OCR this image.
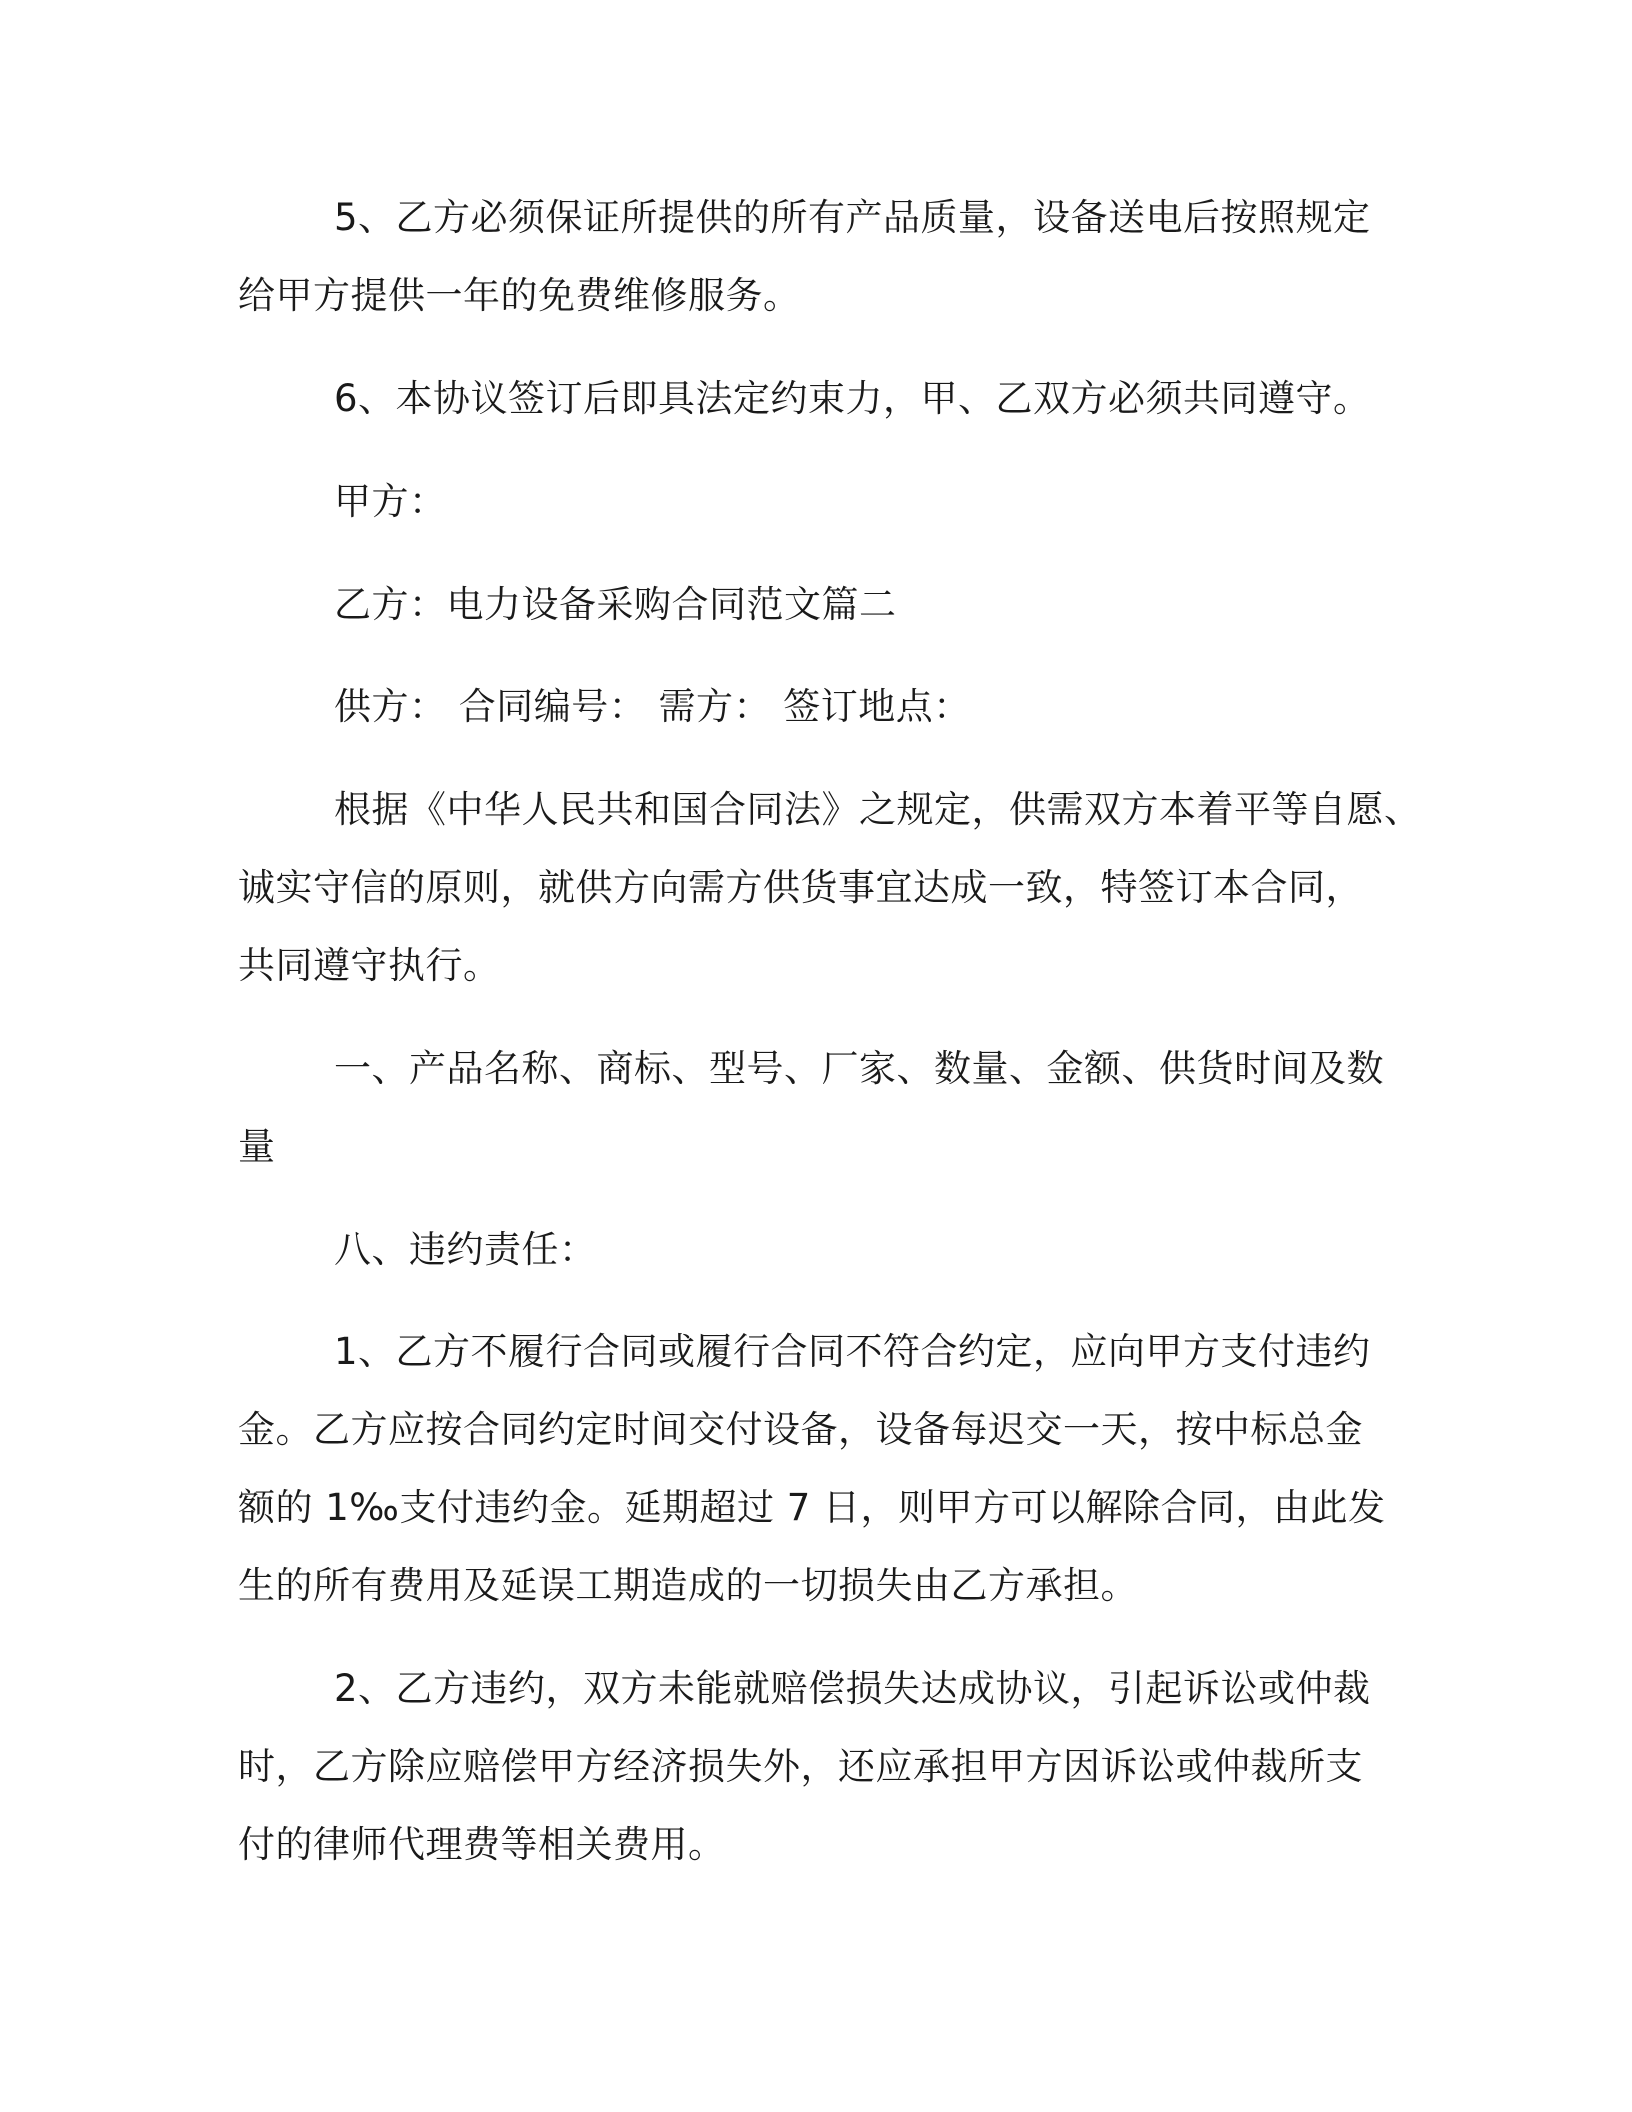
5、乙方必须保证所提供的所有产品质量，设备送电后按照规定
给甲方提供一年的免费维修服务。
6、本协议签订后即具法定约束力，甲、乙双方必须共同遵守。
甲方：
乙方：电力设备采购合同范文篇二
供方： 合同编号： 需方： 签订地点：
根据《中华人民共和国合同法》之规定，供需双方本着平等自愿、
诚实守信的原则，就供方向需方供货事宜达成一致，特签订本合同，
共同遵守执行。
一、产品名称、商标、型号、厂家、数量、金额、供货时间及数
量
八、违约责任：
1、乙方不履行合同或履行合同不符合约定，应向甲方支付违约
金。乙方应按合同约定时间交付设备，设备每迟交一天，按中标总金
额的 1‰支付违约金。延期超过 7 日，则甲方可以解除合同，由此发
生的所有费用及延误工期造成的一切损失由乙方承担。
2、乙方违约，双方未能就赔偿损失达成协议，引起诉讼或仲裁
时，乙方除应赔偿甲方经济损失外，还应承担甲方因诉讼或仲裁所支
付的律师代理费等相关费用。
